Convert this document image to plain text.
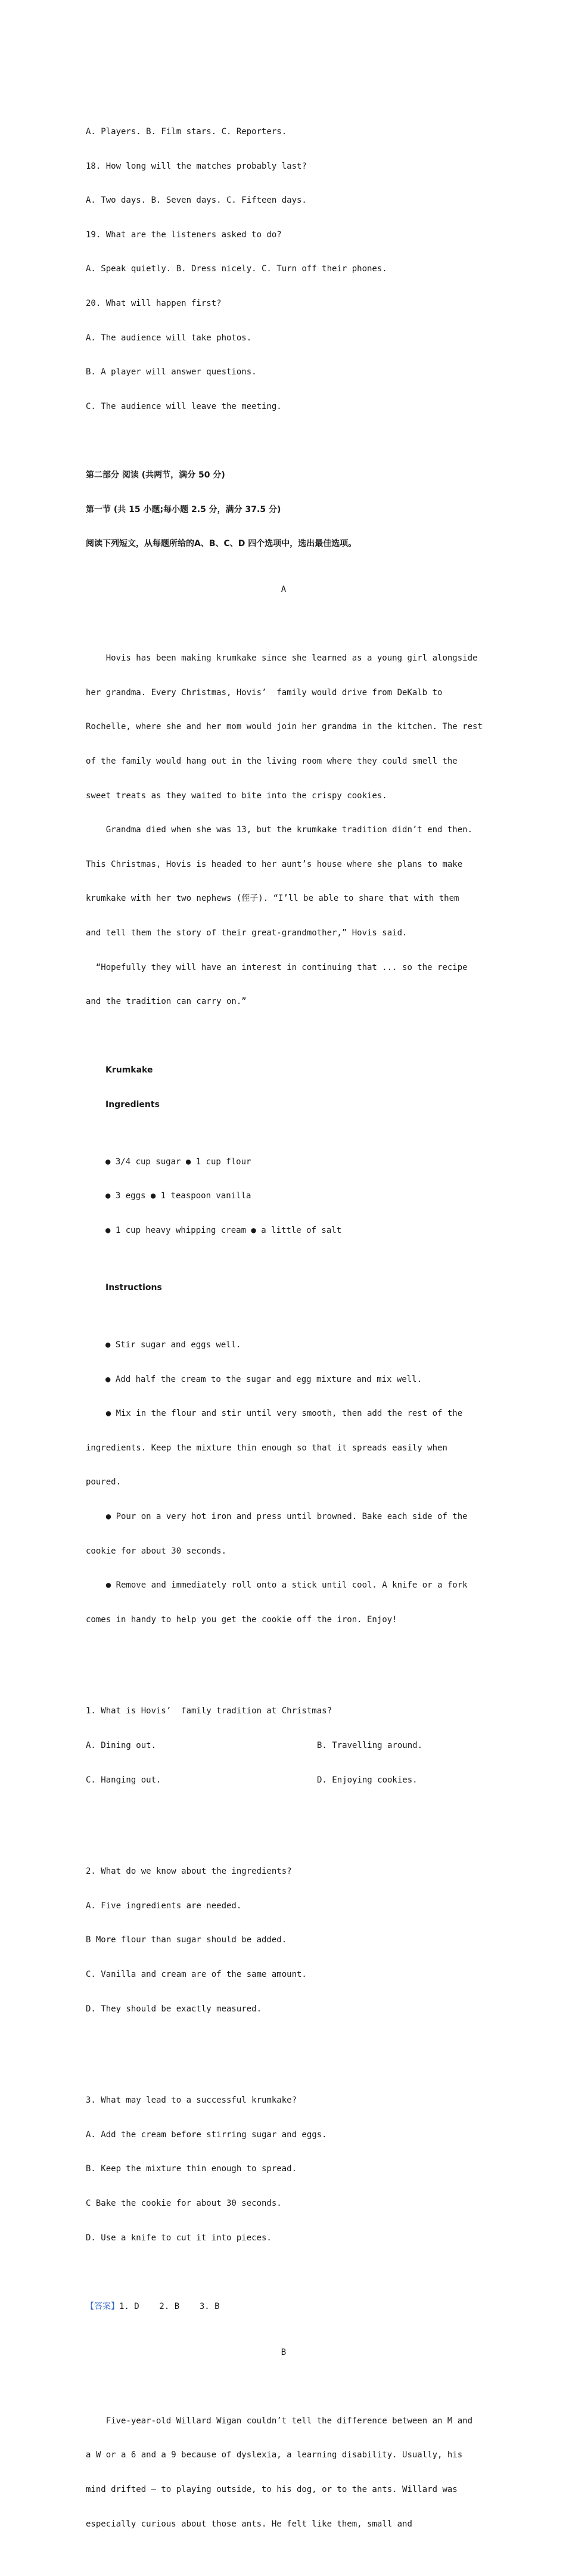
A. Players. B. Film stars. C. Reporters.

18. How long will the matches probably last?

A. Two days. B. Seven days. C. Fifteen days.

19. What are the listeners asked to do?

A. Speak quietly. B. Dress nicely. C. Turn off their phones.

20. What will happen first?

A. The audience will take photos.

B. A player will answer questions.

C. The audience will leave the meeting.

第二部分 阅读 (共两节，满分 50 分)

第一节 (共 15 小题;每小题 2.5 分，满分 37.5 分)

阅读下列短文，从每题所给的A、B、C、D 四个选项中，选出最佳选项。

A

Hovis has been making krumkake since she learned as a young girl alongside

her grandma. Every Christmas, Hovis’  family would drive from DeKalb to

Rochelle, where she and her mom would join her grandma in the kitchen. The rest

of the family would hang out in the living room where they could smell the

sweet treats as they waited to bite into the crispy cookies.

Grandma died when she was 13, but the krumkake tradition didn’t end then.

This Christmas, Hovis is headed to her aunt’s house where she plans to make

krumkake with her two nephews (侄子). “I’ll be able to share that with them

and tell them the story of their great-grandmother,” Hovis said.

“Hopefully they will have an interest in continuing that ... so the recipe

and the tradition can carry on.”

Krumkake

Ingredients

● 3/4 cup sugar ● 1 cup flour

● 3 eggs ● 1 teaspoon vanilla

● 1 cup heavy whipping cream ● a little of salt

Instructions

● Stir sugar and eggs well.

● Add half the cream to the sugar and egg mixture and mix well.

● Mix in the flour and stir until very smooth, then add the rest of the

ingredients. Keep the mixture thin enough so that it spreads easily when

poured.

● Pour on a very hot iron and press until browned. Bake each side of the

cookie for about 30 seconds.

● Remove and immediately roll onto a stick until cool. A knife or a fork

comes in handy to help you get the cookie off the iron. Enjoy!

1. What is Hovis’  family tradition at Christmas?

A. Dining out.	B. Travelling around.

C. Hanging out.	D. Enjoying cookies.

2. What do we know about the ingredients?

A. Five ingredients are needed.

B More flour than sugar should be added.

C. Vanilla and cream are of the same amount.

D. They should be exactly measured.

3. What may lead to a successful krumkake?

A. Add the cream before stirring sugar and eggs.

B. Keep the mixture thin enough to spread.

C Bake the cookie for about 30 seconds.

D. Use a knife to cut it into pieces.

【答案】1. D    2. B    3. B

B

Five-year-old Willard Wigan couldn’t tell the difference between an M and

a W or a 6 and a 9 because of dyslexia, a learning disability. Usually, his

mind drifted — to playing outside, to his dog, or to the ants. Willard was

especially curious about those ants. He felt like them, small and
